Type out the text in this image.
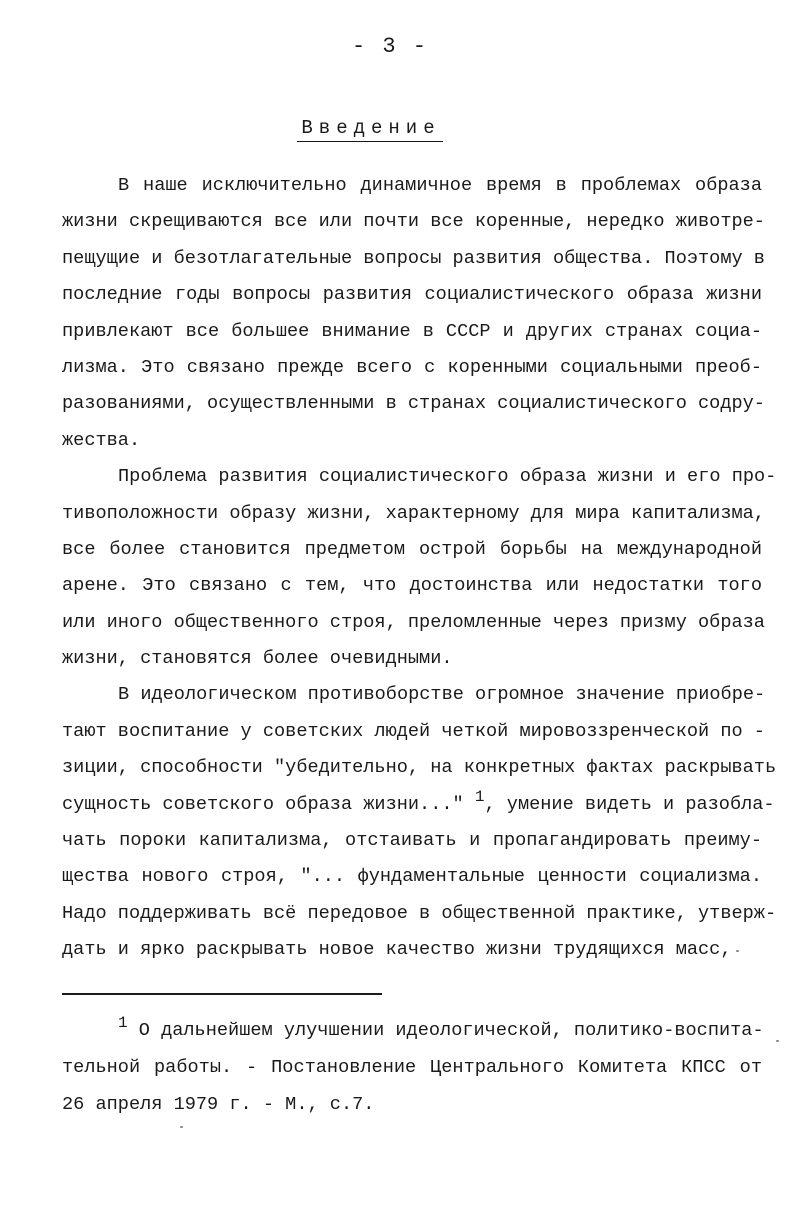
- 3 -
Введение
В наше исключительно динамичное время в проблемах образа
жизни скрещиваются все или почти все коренные, нередко животре-
пещущие и безотлагательные вопросы развития общества. Поэтому в
последние годы вопросы развития социалистического образа жизни
привлекают все большее внимание в СССР и других странах социа-
лизма. Это связано прежде всего с коренными социальными преоб-
разованиями, осуществленными в странах социалистического содру-
жества.
Проблема развития социалистического образа жизни и его про-
тивоположности образу жизни, характерному для мира капитализма,
все более становится предметом острой борьбы на международной
арене. Это связано с тем, что достоинства или недостатки того
или иного общественного строя, преломленные через призму образа
жизни, становятся более очевидными.
В идеологическом противоборстве огромное значение приобре-
тают воспитание у советских людей четкой мировоззренческой по -
зиции, способности "убедительно, на конкретных фактах раскрывать
сущность советского образа жизни..." $^1$, умение видеть и разобла-
чать пороки капитализма, отстаивать и пропагандировать преиму-
щества нового строя, "... фундаментальные ценности социализма.
Надо поддерживать всё передовое в общественной практике, утверж-
дать и ярко раскрывать новое качество жизни трудящихся масс,
$^1$ О дальнейшем улучшении идеологической, политико-воспита-
тельной работы. - Постановление Центрального Комитета КПСС от
26 апреля 1979 г. - М., с.7.
